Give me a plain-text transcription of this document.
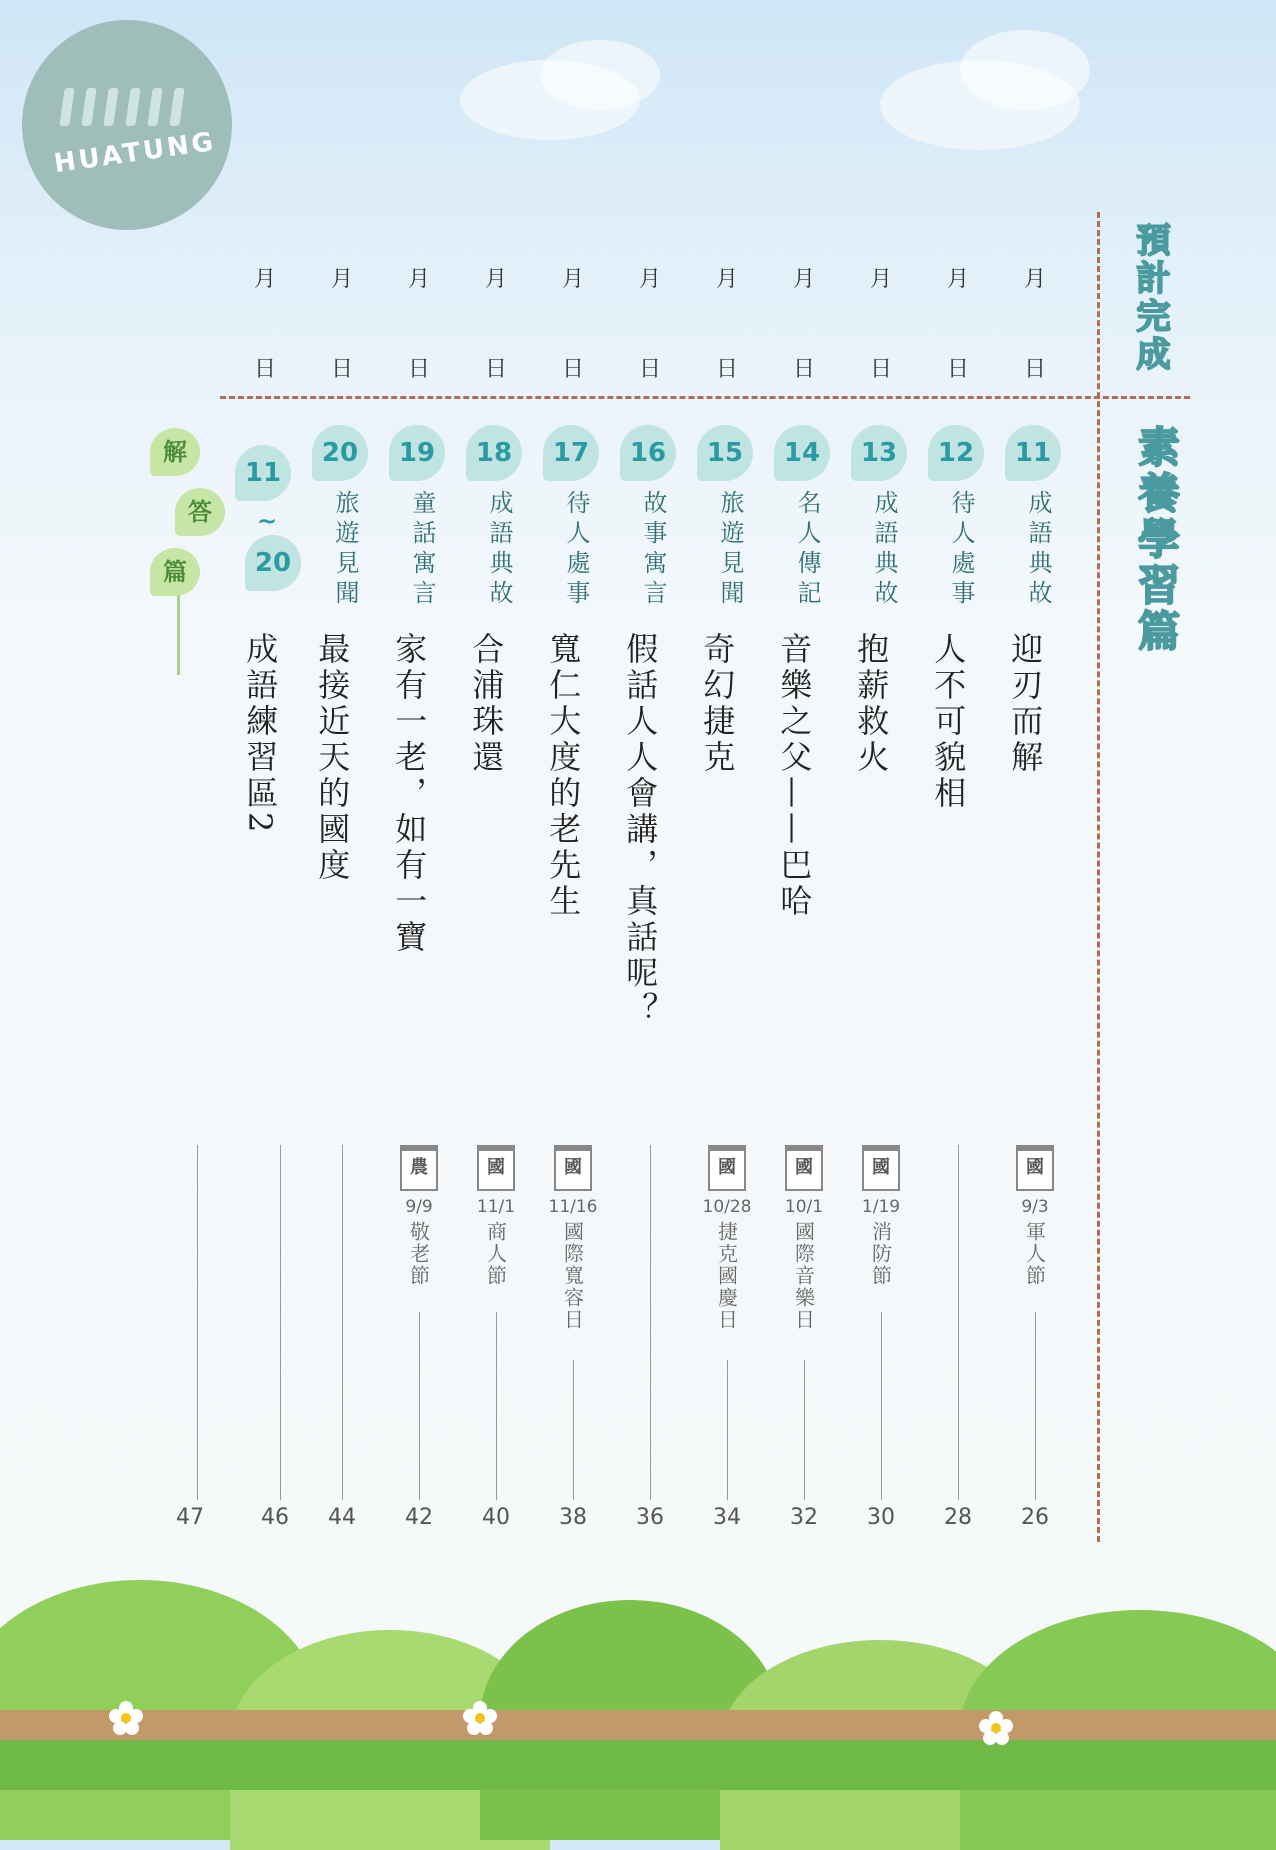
HUATUNG
預計完成
素養學習篇
月
日
月
日
月
日
月
日
月
日
月
日
月
日
月
日
月
日
月
日
月
日
11
成語典故
迎刃而解
國
9/3
軍人節
12
待人處事
人不可貌相
13
成語典故
抱薪救火
國
1/19
消防節
14
名人傳記
音樂之父——巴哈
國
10/1
國際音樂日
15
旅遊見聞
奇幻捷克
國
10/28
捷克國慶日
16
故事寓言
假話人人會講，真話呢？
17
待人處事
寬仁大度的老先生
國
11/16
國際寬容日
18
成語典故
合浦珠還
國
11/1
商人節
19
童話寓言
家有一老，如有一寶
農
9/9
敬老節
20
旅遊見聞
最接近天的國度
11
~
20
成語練習區2
解
答
篇
26
28
30
32
34
36
38
40
42
44
46
47
